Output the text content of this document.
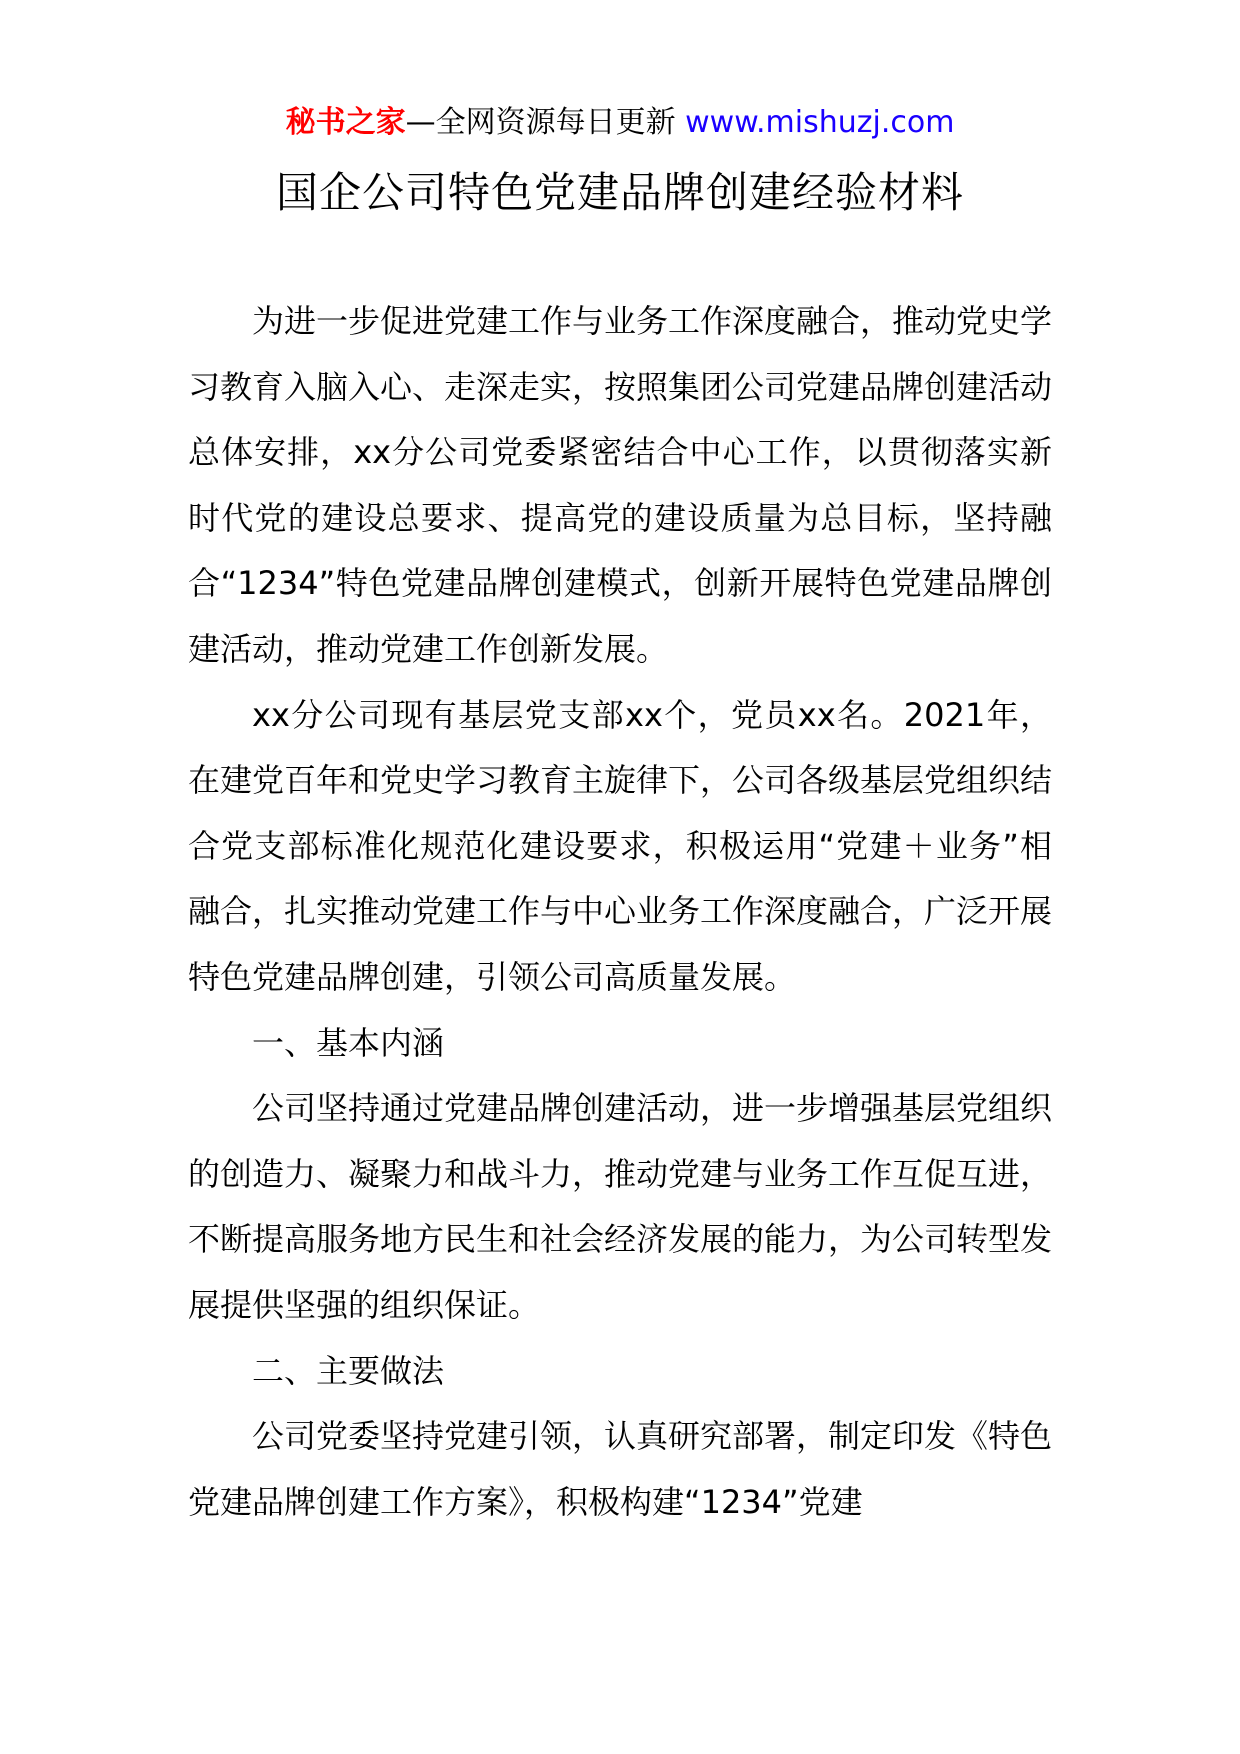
秘书之家—全网资源每日更新 www.mishuzj.com
国企公司特色党建品牌创建经验材料

为进一步促进党建工作与业务工作深度融合，推动党史学习教育入脑入心、走深走实，按照集团公司党建品牌创建活动总体安排，xx分公司党委紧密结合中心工作，以贯彻落实新时代党的建设总要求、提高党的建设质量为总目标，坚持融合“1234”特色党建品牌创建模式，创新开展特色党建品牌创建活动，推动党建工作创新发展。

xx分公司现有基层党支部xx个，党员xx名。2021年，在建党百年和党史学习教育主旋律下，公司各级基层党组织结合党支部标准化规范化建设要求，积极运用“党建＋业务”相融合，扎实推动党建工作与中心业务工作深度融合，广泛开展特色党建品牌创建，引领公司高质量发展。

一、基本内涵

公司坚持通过党建品牌创建活动，进一步增强基层党组织的创造力、凝聚力和战斗力，推动党建与业务工作互促互进，不断提高服务地方民生和社会经济发展的能力，为公司转型发展提供坚强的组织保证。

二、主要做法

公司党委坚持党建引领，认真研究部署，制定印发《特色党建品牌创建工作方案》，积极构建“1234”党建
